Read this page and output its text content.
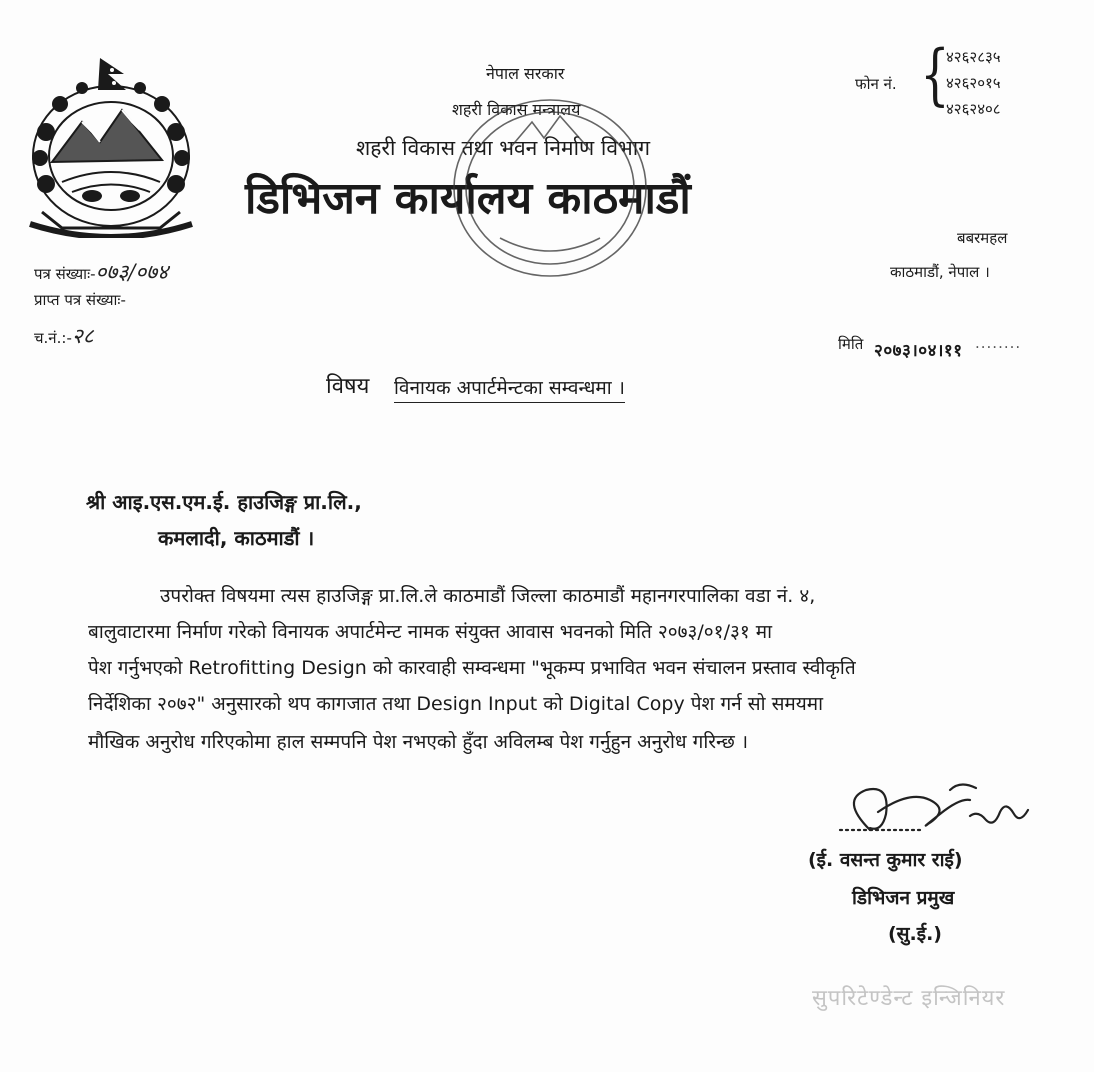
नेपाल सरकार
शहरी विकास मन्त्रालय
शहरी विकास तथा भवन निर्माण विभाग
डिभिजन कार्यालय काठमाडौं
फोन नं. {
४२६२८३५
४२६२०१५
४२६२४०८
बबरमहल
काठमाडौं, नेपाल ।
पत्र संख्याः-०७३/०७४
प्राप्त पत्र संख्याः-
च.नं.:-२८	मिति २०७३।०४।११ ........
विषय विनायक अपार्टमेन्टका सम्वन्धमा ।
श्री आइ.एस.एम.ई. हाउजिङ्ग प्रा.लि.,
कमलादी, काठमाडौं ।
उपरोक्त विषयमा त्यस हाउजिङ्ग प्रा.लि.ले काठमाडौं जिल्ला काठमाडौं महानगरपालिका वडा नं. ४,
बालुवाटारमा निर्माण गरेको विनायक अपार्टमेन्ट नामक संयुक्त आवास भवनको मिति २०७३/०१/३१ मा
पेश गर्नुभएको Retrofitting Design को कारवाही सम्वन्धमा "भूकम्प प्रभावित भवन संचालन प्रस्ताव स्वीकृति
निर्देशिका २०७२" अनुसारको थप कागजात तथा Design Input को Digital Copy पेश गर्न सो समयमा
मौखिक अनुरोध गरिएकोमा हाल सम्मपनि पेश नभएको हुँदा अविलम्ब पेश गर्नुहुन अनुरोध गरिन्छ ।
(ई. वसन्त कुमार राई)
डिभिजन प्रमुख
(सु.ई.)
सुपरिटेण्डेन्ट इन्जिनियर
